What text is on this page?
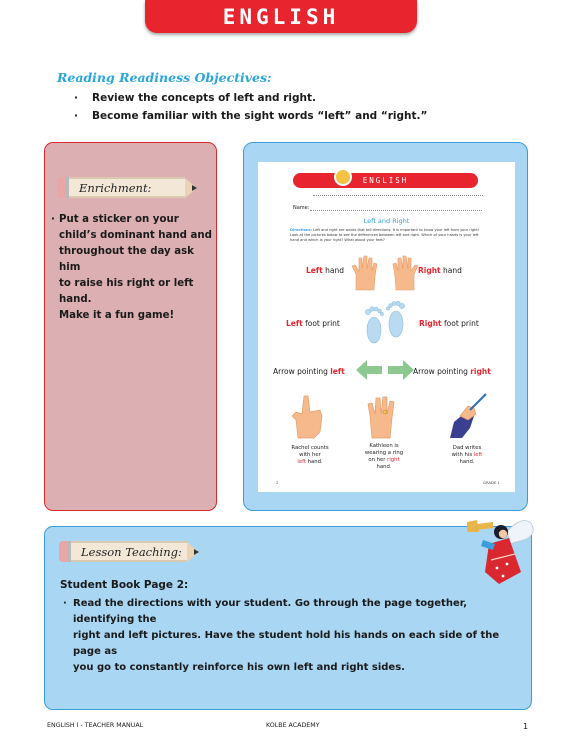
ENGLISH
Reading Readiness Objectives:
·	Review the concepts of left and right.
·	Become familiar with the sight words “left” and “right.”
Enrichment:
· Put a sticker on your
child’s dominant hand and
throughout the day ask him
to raise his right or left hand.
Make it a fun game!
ENGLISH
Name:
Left and Right
Directions: Left and right are words that tell directions. It is important to know your left from your right! Look at the pictures below to see the differences between left and right. Which of your hands is your left hand and which is your right? What about your feet?
Left hand	Right hand
Left foot print	Right foot print
Arrow pointing left	Arrow pointing right
Rachel counts
with her
left hand.
Kathleen is
wearing a ring
on her right
hand.
Dad writes
with his left
hand.
2	GRADE 1
Lesson Teaching:
Student Book Page 2:
· Read the directions with your student. Go through the page together, identifying the
right and left pictures. Have the student hold his hands on each side of the page as
you go to constantly reinforce his own left and right sides.
ENGLISH I - TEACHER MANUAL	KOLBE ACADEMY	1
